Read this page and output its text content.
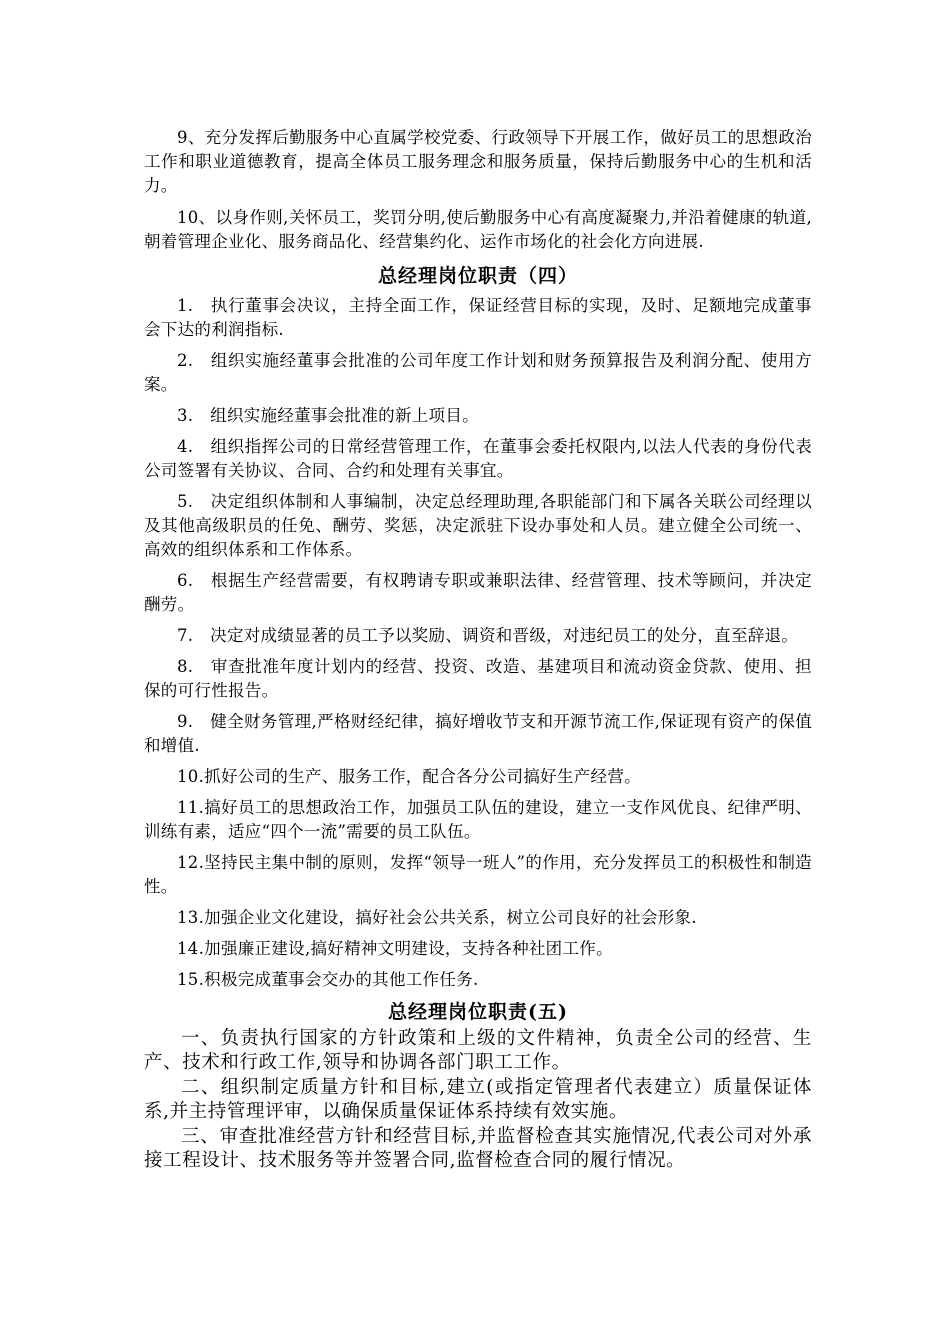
9、充分发挥后勤服务中心直属学校党委、行政领导下开展工作，做好员工的思想政治工作和职业道德教育，提高全体员工服务理念和服务质量，保持后勤服务中心的生机和活力。

10、以身作则,关怀员工，奖罚分明,使后勤服务中心有高度凝聚力,并沿着健康的轨道,朝着管理企业化、服务商品化、经营集约化、运作市场化的社会化方向进展.

总经理岗位职责（四）

1.　执行董事会决议，主持全面工作，保证经营目标的实现，及时、足额地完成董事会下达的利润指标.

2.　组织实施经董事会批准的公司年度工作计划和财务预算报告及利润分配、使用方案。

3.　组织实施经董事会批准的新上项目。

4.　组织指挥公司的日常经营管理工作，在董事会委托权限内,以法人代表的身份代表公司签署有关协议、合同、合约和处理有关事宜。

5.　决定组织体制和人事编制，决定总经理助理,各职能部门和下属各关联公司经理以及其他高级职员的任免、酬劳、奖惩，决定派驻下设办事处和人员。建立健全公司统一、高效的组织体系和工作体系。

6.　根据生产经营需要，有权聘请专职或兼职法律、经营管理、技术等顾问，并决定酬劳。

7.　决定对成绩显著的员工予以奖励、调资和晋级，对违纪员工的处分，直至辞退。

8.　审查批准年度计划内的经营、投资、改造、基建项目和流动资金贷款、使用、担保的可行性报告。

9.　健全财务管理,严格财经纪律，搞好增收节支和开源节流工作,保证现有资产的保值和增值.

10.抓好公司的生产、服务工作，配合各分公司搞好生产经营。

11.搞好员工的思想政治工作，加强员工队伍的建设，建立一支作风优良、纪律严明、训练有素，适应“四个一流”需要的员工队伍。

12.坚持民主集中制的原则，发挥“领导一班人”的作用，充分发挥员工的积极性和制造性。

13.加强企业文化建设，搞好社会公共关系，树立公司良好的社会形象.

14.加强廉正建设,搞好精神文明建设，支持各种社团工作。

15.积极完成董事会交办的其他工作任务.

总经理岗位职责(五)

一、负责执行国家的方针政策和上级的文件精神，负责全公司的经营、生产、技术和行政工作,领导和协调各部门职工工作。

二、组织制定质量方针和目标,建立(或指定管理者代表建立）质量保证体系,并主持管理评审，以确保质量保证体系持续有效实施。

三、审查批准经营方针和经营目标,并监督检查其实施情况,代表公司对外承接工程设计、技术服务等并签署合同,监督检查合同的履行情况。
